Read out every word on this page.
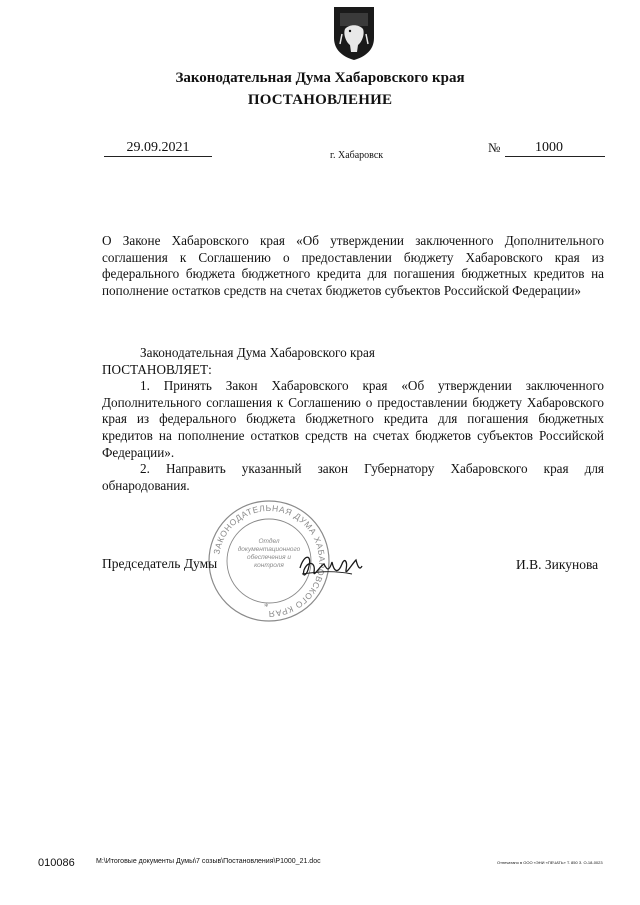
Законодательная Дума Хабаровского края
ПОСТАНОВЛЕНИЕ
29.09.2021
г. Хабаровск
№	1000
О Законе Хабаровского края «Об утверждении заключенного Дополнительного соглашения к Соглашению о предоставлении бюджету Хабаровского края из федерального бюджета бюджетного кредита для погашения бюджетных кредитов на пополнение остатков средств на счетах бюджетов субъектов Российской Федерации»

Законодательная Дума Хабаровского края

ПОСТАНОВЛЯЕТ:

1. Принять Закон Хабаровского края «Об утверждении заключенного Дополнительного соглашения к Соглашению о предоставлении бюджету Хабаровского края из федерального бюджета бюджетного кредита для погашения бюджетных кредитов на пополнение остатков средств на счетах бюджетов субъектов Российской Федерации».

2. Направить указанный закон Губернатору Хабаровского края для обнародования.

ЗАКОНОДАТЕЛЬНАЯ ДУМА ХАБАРОВСКОГО КРАЯ
Отдел документационного обеспечения и контроля
*
Председатель Думы	И.В. Зикунова
010086	M:\Итоговые документы Думы\7 созыв\Постановления\P1000_21.doc	Отпечатано в ООО «ЭНИ «ПЕЧАТЬ» Т. 850 З. О-18-0023
